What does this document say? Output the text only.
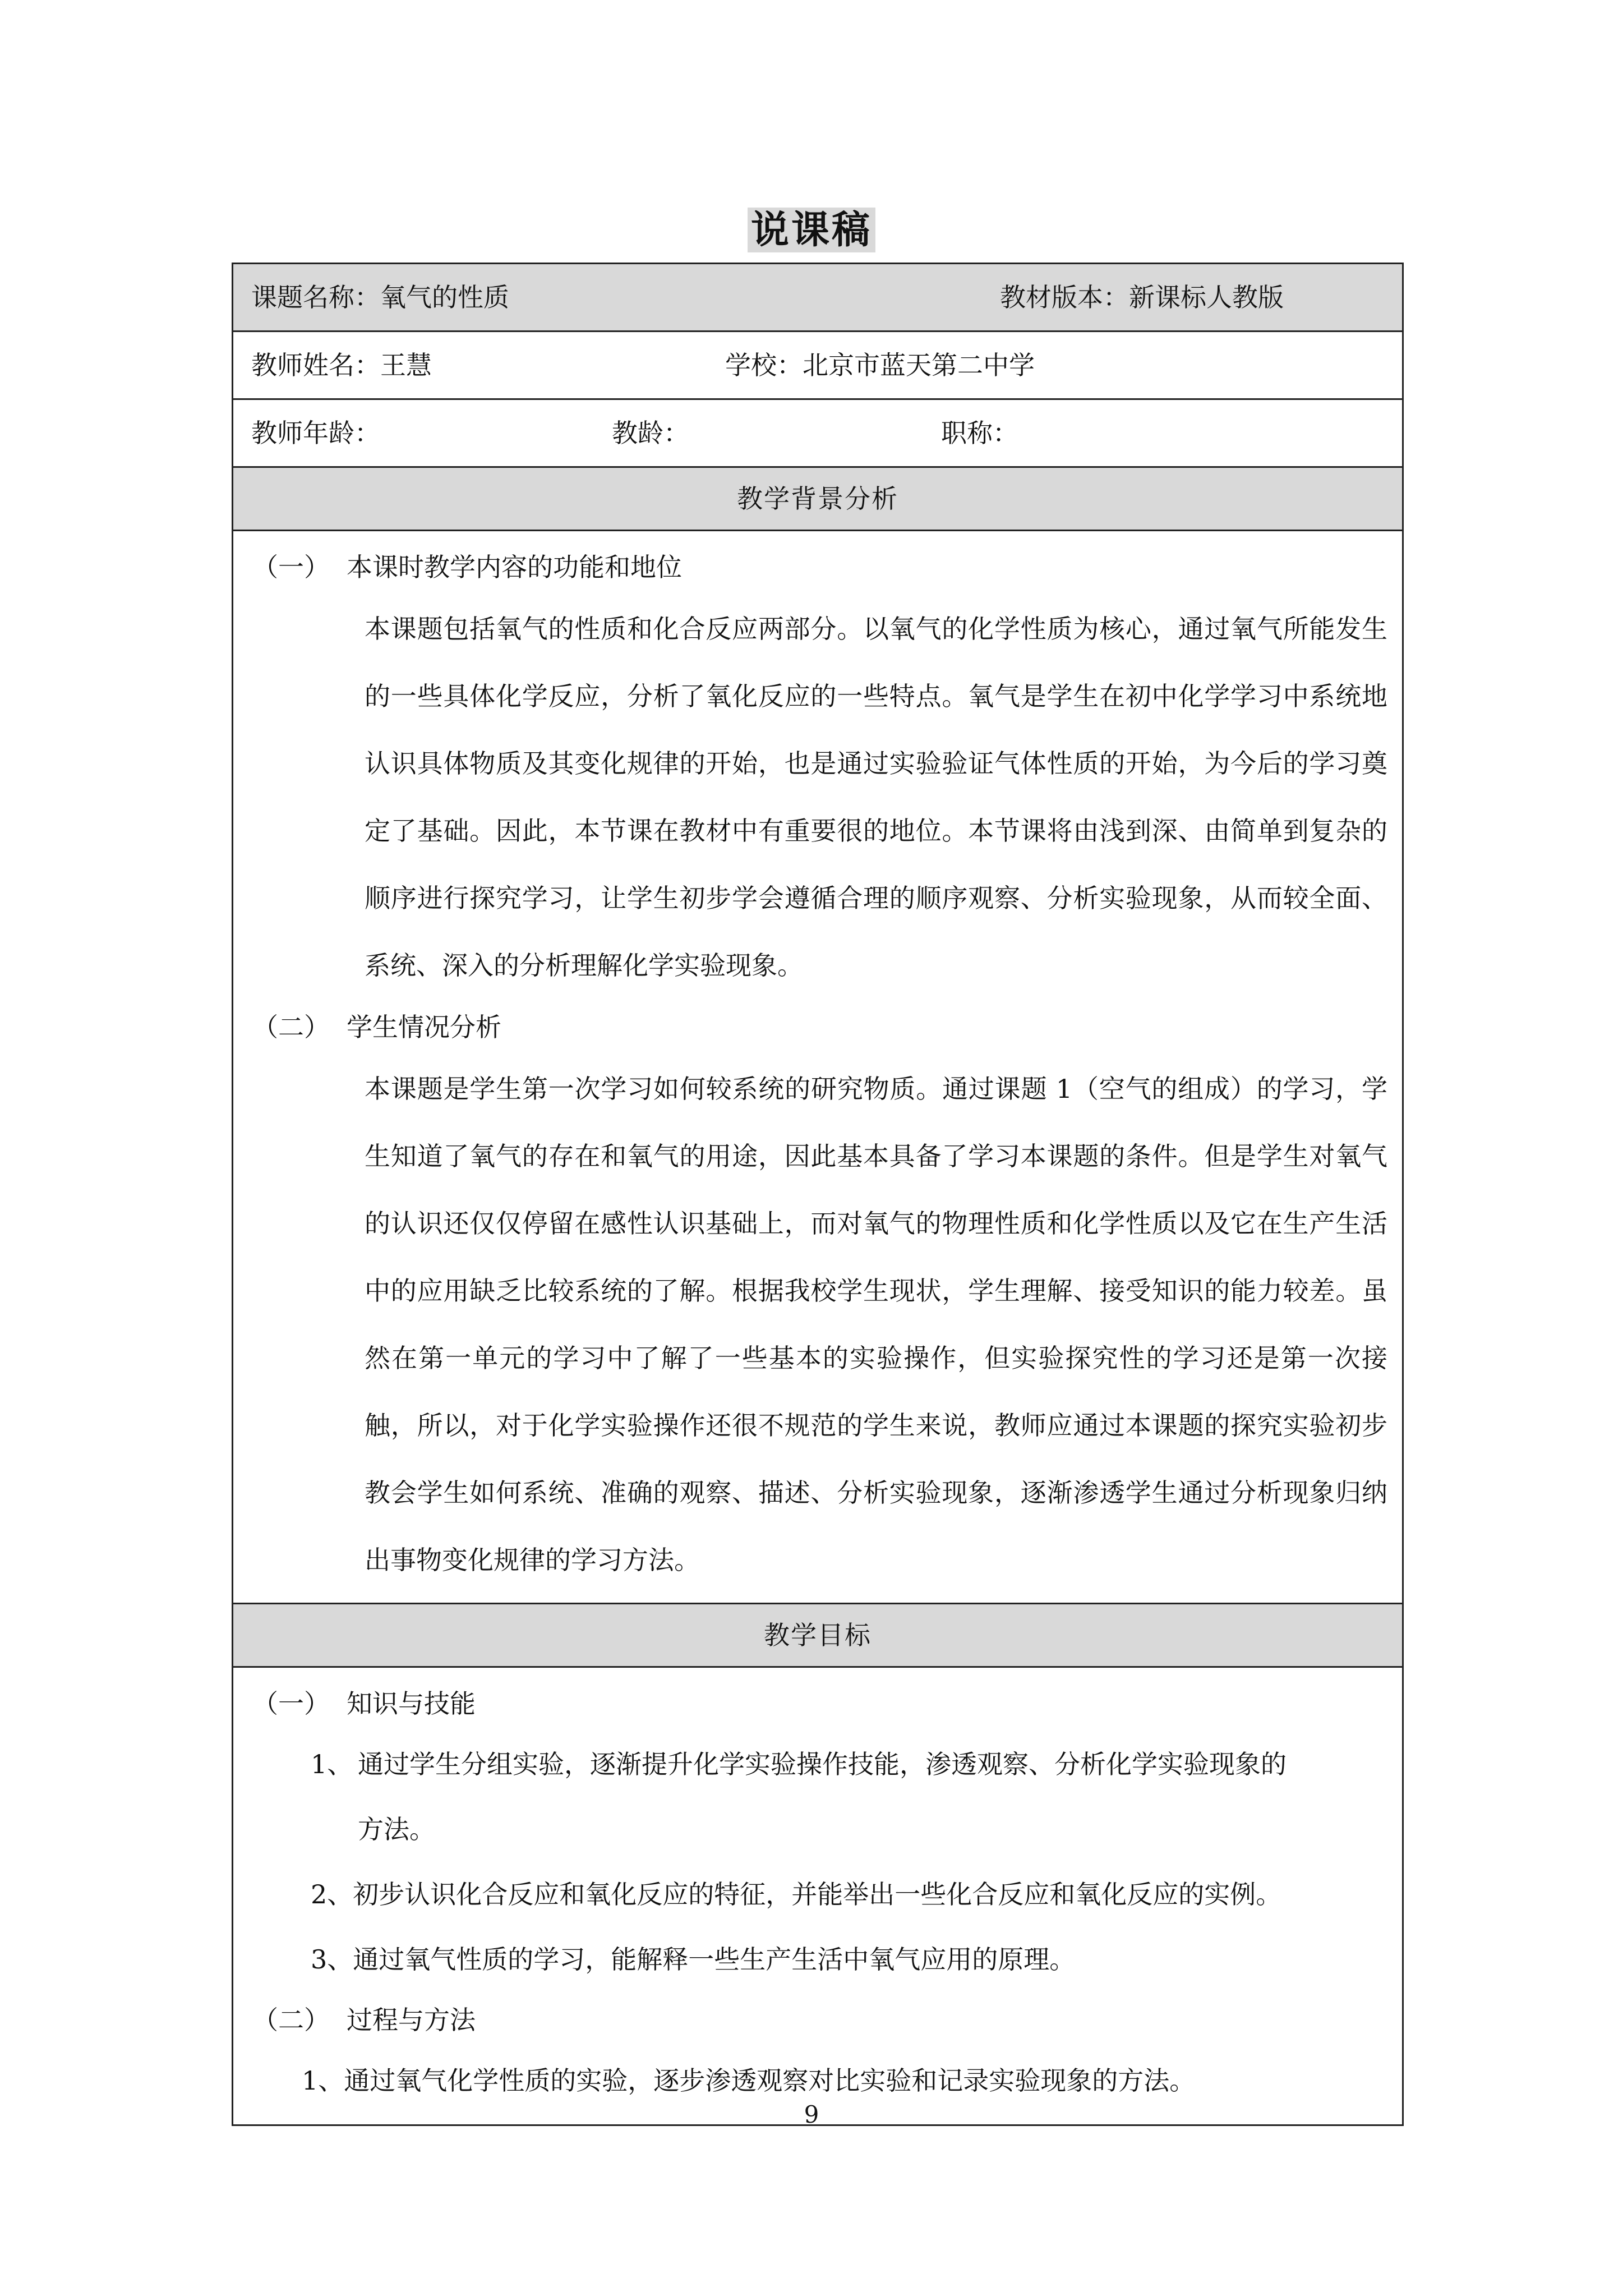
说课稿
课题名称：氧气的性质	教材版本：新课标人教版

教师姓名：王慧	学校：北京市蓝天第二中学

教师年龄：	教龄：	职称：

教学背景分析

（一） 本课时教学内容的功能和地位

本课题包括氧气的性质和化合反应两部分。以氧气的化学性质为核心，通过氧气所能发生的一些具体化学反应，分析了氧化反应的一些特点。氧气是学生在初中化学学习中系统地认识具体物质及其变化规律的开始，也是通过实验验证气体性质的开始，为今后的学习奠定了基础。因此，本节课在教材中有重要很的地位。本节课将由浅到深、由简单到复杂的顺序进行探究学习，让学生初步学会遵循合理的顺序观察、分析实验现象，从而较全面、系统、深入的分析理解化学实验现象。

（二） 学生情况分析

本课题是学生第一次学习如何较系统的研究物质。通过课题 1（空气的组成）的学习，学生知道了氧气的存在和氧气的用途，因此基本具备了学习本课题的条件。但是学生对氧气的认识还仅仅停留在感性认识基础上，而对氧气的物理性质和化学性质以及它在生产生活中的应用缺乏比较系统的了解。根据我校学生现状，学生理解、接受知识的能力较差。虽然在第一单元的学习中了解了一些基本的实验操作，但实验探究性的学习还是第一次接触，所以，对于化学实验操作还很不规范的学生来说，教师应通过本课题的探究实验初步教会学生如何系统、准确的观察、描述、分析实验现象，逐渐渗透学生通过分析现象归纳出事物变化规律的学习方法。

教学目标

（一） 知识与技能
1、 通过学生分组实验，逐渐提升化学实验操作技能，渗透观察、分析化学实验现象的
方法。
2、初步认识化合反应和氧化反应的特征，并能举出一些化合反应和氧化反应的实例。
3、通过氧气性质的学习，能解释一些生产生活中氧气应用的原理。
（二） 过程与方法
1、通过氧气化学性质的实验，逐步渗透观察对比实验和记录实验现象的方法。
9
